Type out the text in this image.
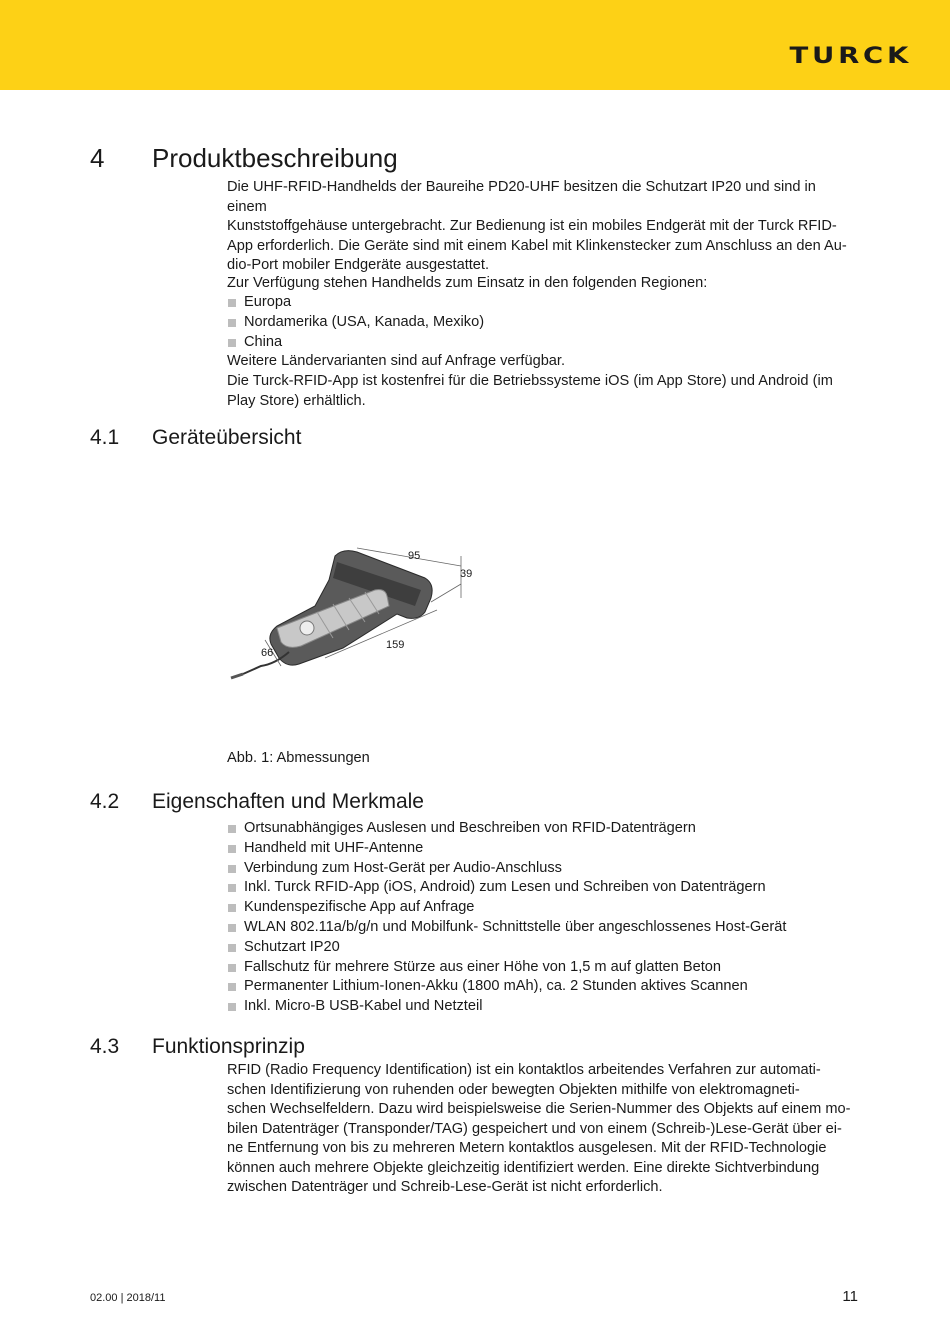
TURCK
4 Produktbeschreibung

Die UHF-RFID-Handhelds der Baureihe PD20-UHF besitzen die Schutzart IP20 und sind in einem
Kunststoffgehäuse untergebracht. Zur Bedienung ist ein mobiles Endgerät mit der Turck RFID-
App erforderlich. Die Geräte sind mit einem Kabel mit Klinkenstecker zum Anschluss an den Au-
dio-Port mobiler Endgeräte ausgestattet.

Zur Verfügung stehen Handhelds zum Einsatz in den folgenden Regionen:

Europa
Nordamerika (USA, Kanada, Mexiko)
China

Weitere Ländervarianten sind auf Anfrage verfügbar.

Die Turck-RFID-App ist kostenfrei für die Betriebssysteme iOS (im App Store) und Android (im
Play Store) erhältlich.

4.1 Geräteübersicht
95
39
159
66
Abb. 1: Abmessungen
4.2 Eigenschaften und Merkmale
Ortsunabhängiges Auslesen und Beschreiben von RFID-Datenträgern
Handheld mit UHF-Antenne
Verbindung zum Host-Gerät per Audio-Anschluss
Inkl. Turck RFID-App (iOS, Android) zum Lesen und Schreiben von Datenträgern
Kundenspezifische App auf Anfrage
WLAN 802.11a/b/g/n und Mobilfunk- Schnittstelle über angeschlossenes Host-Gerät
Schutzart IP20
Fallschutz für mehrere Stürze aus einer Höhe von 1,5 m auf glatten Beton
Permanenter Lithium-Ionen-Akku (1800 mAh), ca. 2 Stunden aktives Scannen
Inkl. Micro-B USB-Kabel und Netzteil
4.3 Funktionsprinzip

RFID (Radio Frequency Identification) ist ein kontaktlos arbeitendes Verfahren zur automati-
schen Identifizierung von ruhenden oder bewegten Objekten mithilfe von elektromagneti-
schen Wechselfeldern. Dazu wird beispielsweise die Serien-Nummer des Objekts auf einem mo-
bilen Datenträger (Transponder/TAG) gespeichert und von einem (Schreib-)Lese-Gerät über ei-
ne Entfernung von bis zu mehreren Metern kontaktlos ausgelesen. Mit der RFID-Technologie
können auch mehrere Objekte gleichzeitig identifiziert werden. Eine direkte Sichtverbindung
zwischen Datenträger und Schreib-Lese-Gerät ist nicht erforderlich.

02.00 | 2018/11	11
